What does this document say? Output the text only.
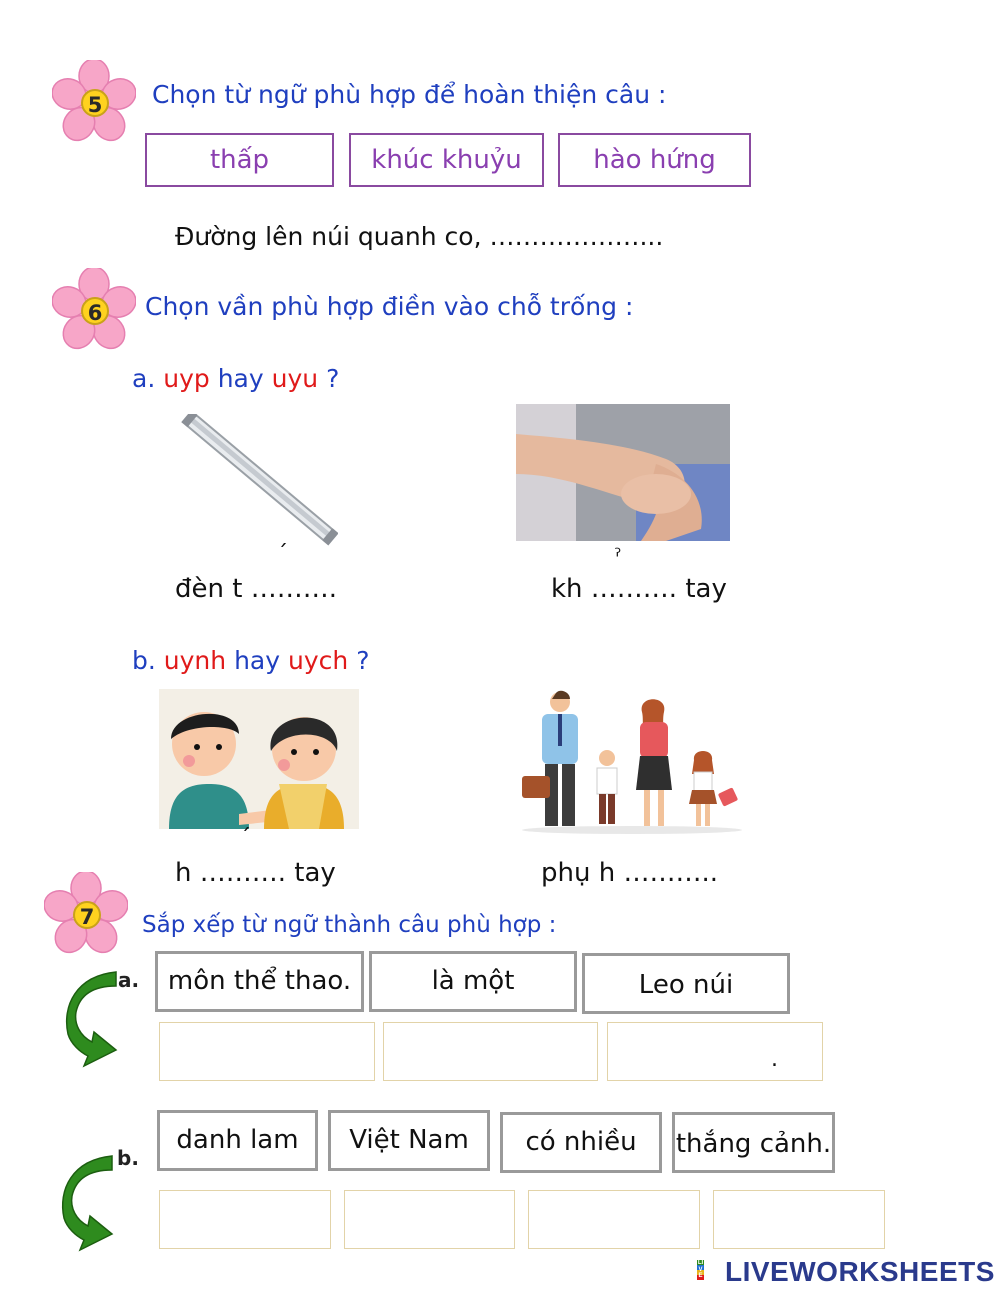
5 Chọn từ ngữ phù hợp để hoàn thiện câu :
thấp	khúc khuỷu	hào hứng
Đường lên núi quanh co, ………………...
6 Chọn vần phù hợp điền vào chỗ trống :
a. uyp hay uyu ?
´
đèn t ……….
ˀ
kh ………. tay
b. uynh hay uych ?
´
h ………. tay	phụ h ………..
7 Sắp xếp từ ngữ thành câu phù hợp :
a.	môn thể thao.	là một	Leo núi
.
b.
danh lam	Việt Nam	có nhiều	thắng cảnh.
LIVE LIVEWORKSHEETS
